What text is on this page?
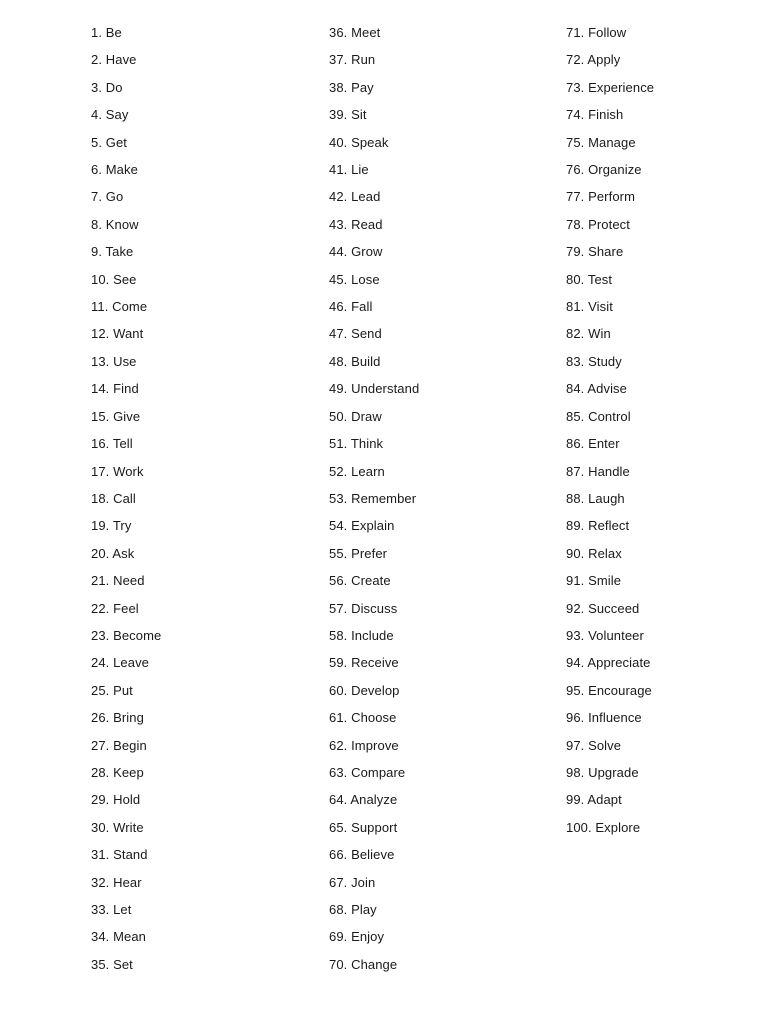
1. Be
2. Have
3. Do
4. Say
5. Get
6. Make
7. Go
8. Know
9. Take
10. See
11. Come
12. Want
13. Use
14. Find
15. Give
16. Tell
17. Work
18. Call
19. Try
20. Ask
21. Need
22. Feel
23. Become
24. Leave
25. Put
26. Bring
27. Begin
28. Keep
29. Hold
30. Write
31. Stand
32. Hear
33. Let
34. Mean
35. Set
36. Meet
37. Run
38. Pay
39. Sit
40. Speak
41. Lie
42. Lead
43. Read
44. Grow
45. Lose
46. Fall
47. Send
48. Build
49. Understand
50. Draw
51. Think
52. Learn
53. Remember
54. Explain
55. Prefer
56. Create
57. Discuss
58. Include
59. Receive
60. Develop
61. Choose
62. Improve
63. Compare
64. Analyze
65. Support
66. Believe
67. Join
68. Play
69. Enjoy
70. Change
71. Follow
72. Apply
73. Experience
74. Finish
75. Manage
76. Organize
77. Perform
78. Protect
79. Share
80. Test
81. Visit
82. Win
83. Study
84. Advise
85. Control
86. Enter
87. Handle
88. Laugh
89. Reflect
90. Relax
91. Smile
92. Succeed
93. Volunteer
94. Appreciate
95. Encourage
96. Influence
97. Solve
98. Upgrade
99. Adapt
100. Explore
